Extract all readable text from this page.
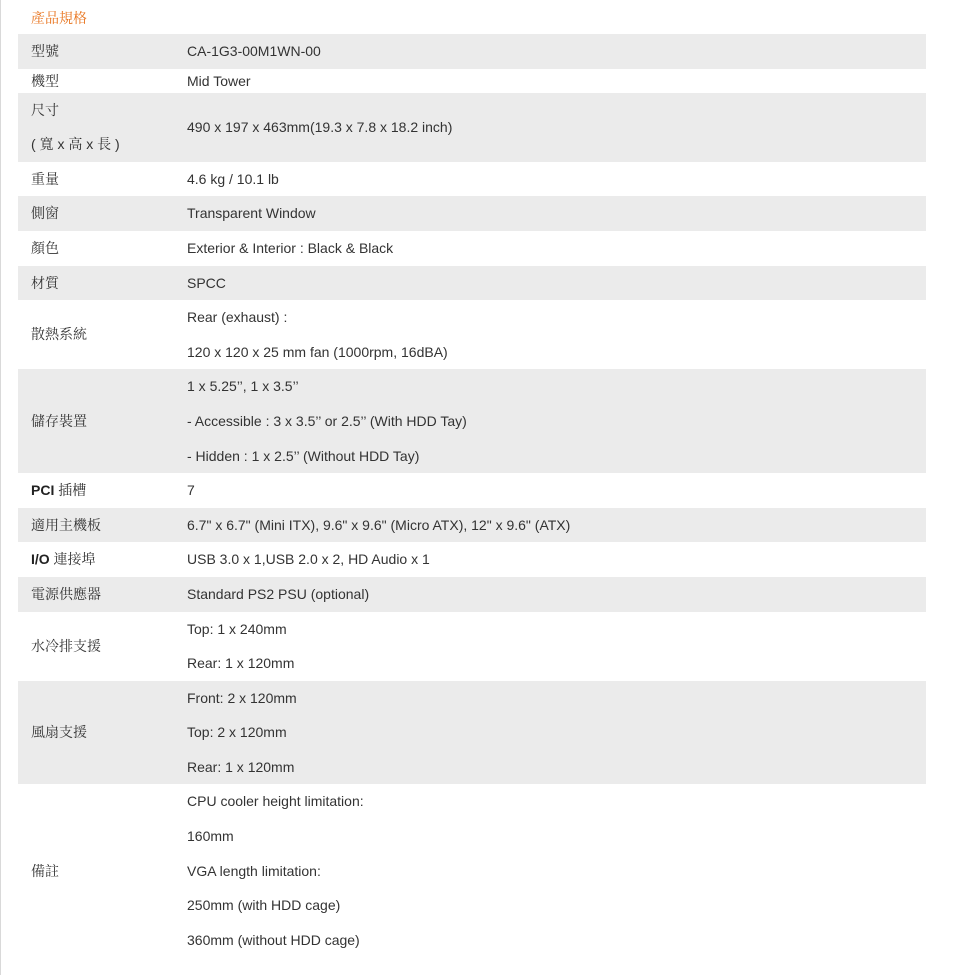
產品規格
型號	CA-1G3-00M1WN-00

機型	Mid Tower

尺寸
( 寬 x 高 x 長 )	490 x 197 x 463mm(19.3 x 7.8 x 18.2 inch)

重量	4.6 kg / 10.1 lb

側窗	Transparent Window

顏色	Exterior & Interior : Black & Black

材質	SPCC

散熱系統	Rear (exhaust) :
120 x 120 x 25 mm fan (1000rpm, 16dBA)

儲存裝置	1 x 5.25’’, 1 x 3.5’’
- Accessible : 3 x 3.5’’ or 2.5’’ (With HDD Tay)
- Hidden : 1 x 2.5’’ (Without HDD Tay)

PCI 插槽	7

適用主機板	6.7" x 6.7" (Mini ITX), 9.6" x 9.6" (Micro ATX), 12" x 9.6" (ATX)

I/O 連接埠	USB 3.0 x 1,USB 2.0 x 2, HD Audio x 1

電源供應器	Standard PS2 PSU (optional)

水冷排支援	Top: 1 x 240mm
Rear: 1 x 120mm

風扇支援	Front: 2 x 120mm
Top: 2 x 120mm
Rear: 1 x 120mm

備註	CPU cooler height limitation:
160mm
VGA length limitation:
250mm (with HDD cage)
360mm (without HDD cage)
